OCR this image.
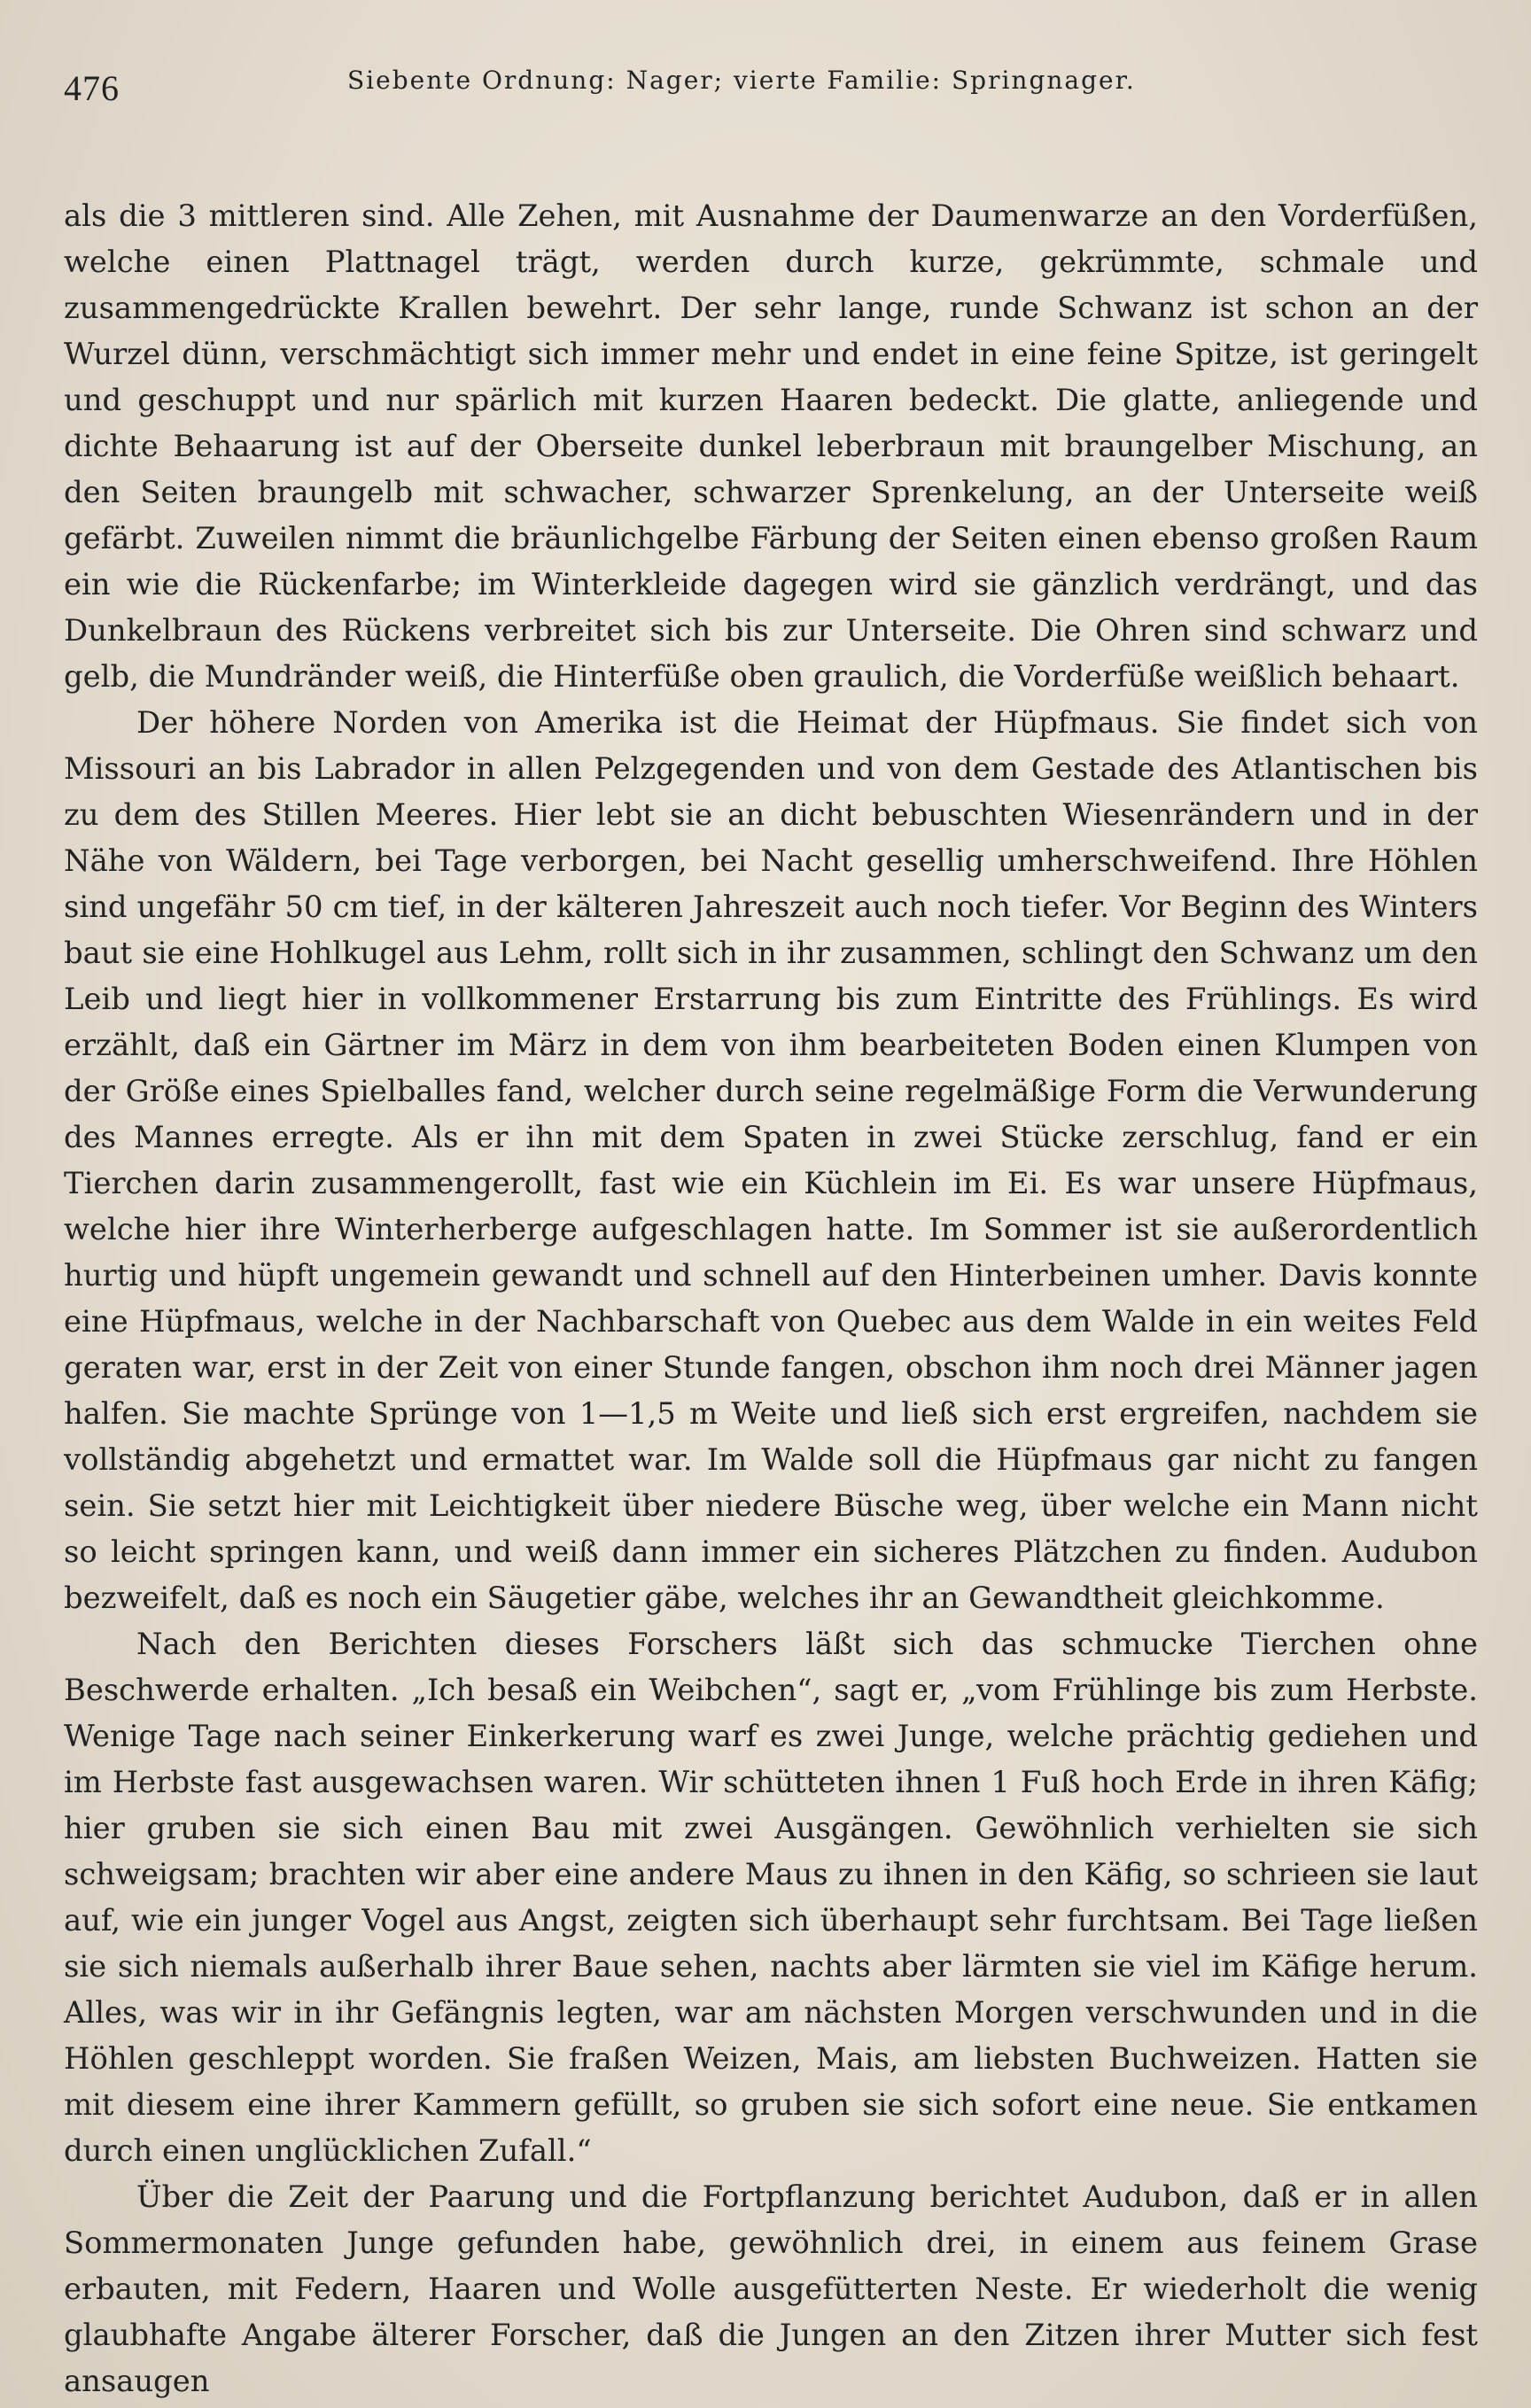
476	Siebente Ordnung: Nager; vierte Familie: Springnager.

als die 3 mittleren sind. Alle Zehen, mit Ausnahme der Daumenwarze an den Vorderfüßen, welche einen Plattnagel trägt, werden durch kurze, gekrümmte, schmale und zusammengedrückte Krallen bewehrt. Der sehr lange, runde Schwanz ist schon an der Wurzel dünn, verschmächtigt sich immer mehr und endet in eine feine Spitze, ist geringelt und geschuppt und nur spärlich mit kurzen Haaren bedeckt. Die glatte, anliegende und dichte Behaarung ist auf der Oberseite dunkel leberbraun mit braungelber Mischung, an den Seiten braungelb mit schwacher, schwarzer Sprenkelung, an der Unterseite weiß gefärbt. Zuweilen nimmt die bräunlichgelbe Färbung der Seiten einen ebenso großen Raum ein wie die Rückenfarbe; im Winterkleide dagegen wird sie gänzlich verdrängt, und das Dunkelbraun des Rückens verbreitet sich bis zur Unterseite. Die Ohren sind schwarz und gelb, die Mundränder weiß, die Hinterfüße oben graulich, die Vorderfüße weißlich behaart.

Der höhere Norden von Amerika ist die Heimat der Hüpfmaus. Sie findet sich von Missouri an bis Labrador in allen Pelzgegenden und von dem Gestade des Atlantischen bis zu dem des Stillen Meeres. Hier lebt sie an dicht bebuschten Wiesenrändern und in der Nähe von Wäldern, bei Tage verborgen, bei Nacht gesellig umherschweifend. Ihre Höhlen sind ungefähr 50 cm tief, in der kälteren Jahreszeit auch noch tiefer. Vor Beginn des Winters baut sie eine Hohlkugel aus Lehm, rollt sich in ihr zusammen, schlingt den Schwanz um den Leib und liegt hier in vollkommener Erstarrung bis zum Eintritte des Frühlings. Es wird erzählt, daß ein Gärtner im März in dem von ihm bearbeiteten Boden einen Klumpen von der Größe eines Spielballes fand, welcher durch seine regelmäßige Form die Verwunderung des Mannes erregte. Als er ihn mit dem Spaten in zwei Stücke zerschlug, fand er ein Tierchen darin zusammengerollt, fast wie ein Küchlein im Ei. Es war unsere Hüpfmaus, welche hier ihre Winterherberge aufgeschlagen hatte. Im Sommer ist sie außerordentlich hurtig und hüpft ungemein gewandt und schnell auf den Hinterbeinen umher. Davis konnte eine Hüpfmaus, welche in der Nachbarschaft von Quebec aus dem Walde in ein weites Feld geraten war, erst in der Zeit von einer Stunde fangen, obschon ihm noch drei Männer jagen halfen. Sie machte Sprünge von 1—1,5 m Weite und ließ sich erst ergreifen, nachdem sie vollständig abgehetzt und ermattet war. Im Walde soll die Hüpfmaus gar nicht zu fangen sein. Sie setzt hier mit Leichtigkeit über niedere Büsche weg, über welche ein Mann nicht so leicht springen kann, und weiß dann immer ein sicheres Plätzchen zu finden. Audubon bezweifelt, daß es noch ein Säugetier gäbe, welches ihr an Gewandtheit gleichkomme.

Nach den Berichten dieses Forschers läßt sich das schmucke Tierchen ohne Beschwerde erhalten. „Ich besaß ein Weibchen“, sagt er, „vom Frühlinge bis zum Herbste. Wenige Tage nach seiner Einkerkerung warf es zwei Junge, welche prächtig gediehen und im Herbste fast ausgewachsen waren. Wir schütteten ihnen 1 Fuß hoch Erde in ihren Käfig; hier gruben sie sich einen Bau mit zwei Ausgängen. Gewöhnlich verhielten sie sich schweigsam; brachten wir aber eine andere Maus zu ihnen in den Käfig, so schrieen sie laut auf, wie ein junger Vogel aus Angst, zeigten sich überhaupt sehr furchtsam. Bei Tage ließen sie sich niemals außerhalb ihrer Baue sehen, nachts aber lärmten sie viel im Käfige herum. Alles, was wir in ihr Gefängnis legten, war am nächsten Morgen verschwunden und in die Höhlen geschleppt worden. Sie fraßen Weizen, Mais, am liebsten Buchweizen. Hatten sie mit diesem eine ihrer Kammern gefüllt, so gruben sie sich sofort eine neue. Sie entkamen durch einen unglücklichen Zufall.“

Über die Zeit der Paarung und die Fortpflanzung berichtet Audubon, daß er in allen Sommermonaten Junge gefunden habe, gewöhnlich drei, in einem aus feinem Grase erbauten, mit Federn, Haaren und Wolle ausgefütterten Neste. Er wiederholt die wenig glaubhafte Angabe älterer Forscher, daß die Jungen an den Zitzen ihrer Mutter sich fest ansaugen
